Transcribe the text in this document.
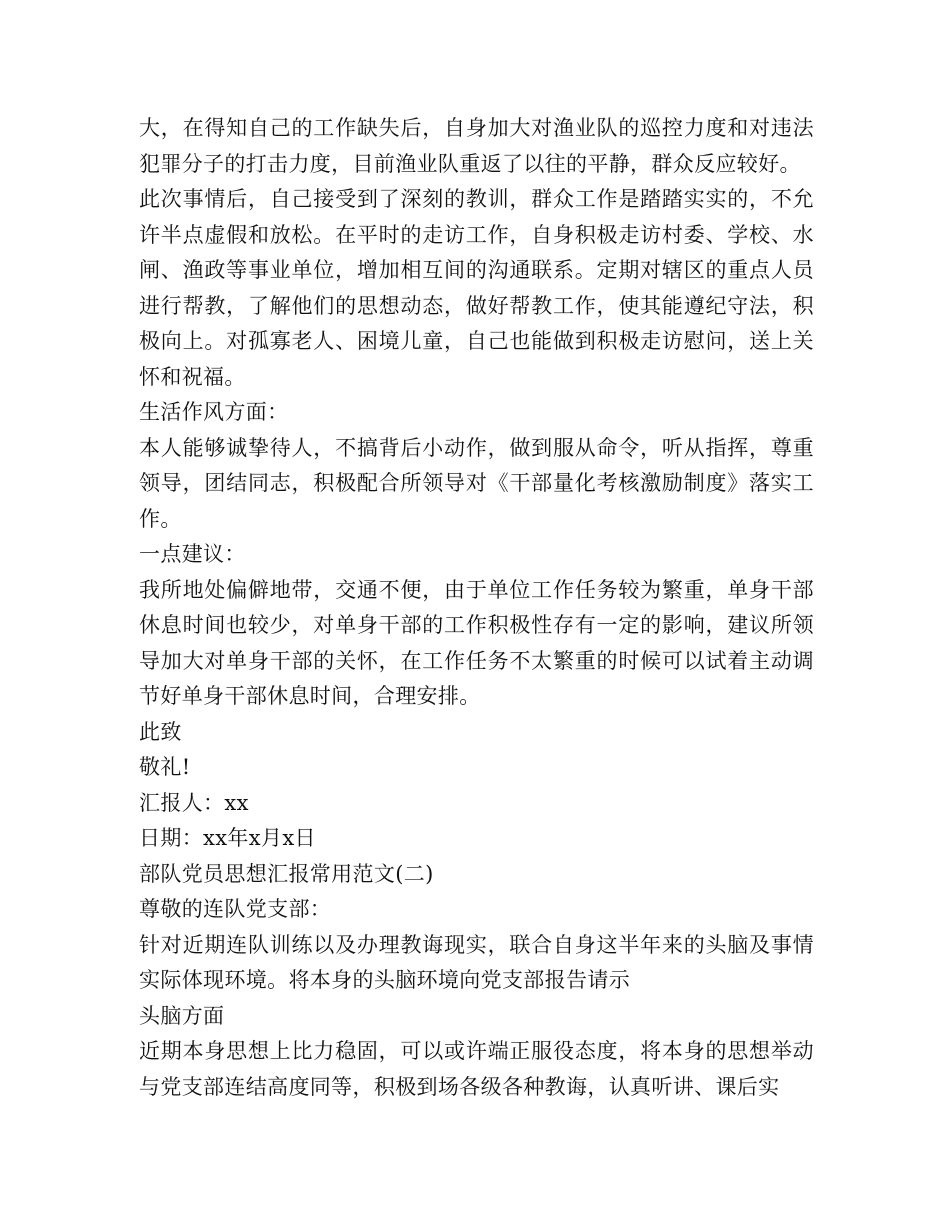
大，在得知自己的工作缺失后，自身加大对渔业队的巡控力度和对违法犯罪分子的打击力度，目前渔业队重返了以往的平静，群众反应较好。

此次事情后，自己接受到了深刻的教训，群众工作是踏踏实实的，不允许半点虚假和放松。在平时的走访工作，自身积极走访村委、学校、水闸、渔政等事业单位，增加相互间的沟通联系。定期对辖区的重点人员进行帮教，了解他们的思想动态，做好帮教工作，使其能遵纪守法，积极向上。对孤寡老人、困境儿童，自己也能做到积极走访慰问，送上关怀和祝福。

生活作风方面：

本人能够诚挚待人，不搞背后小动作，做到服从命令，听从指挥，尊重领导，团结同志，积极配合所领导对《干部量化考核激励制度》落实工作。

一点建议：

我所地处偏僻地带，交通不便，由于单位工作任务较为繁重，单身干部休息时间也较少，对单身干部的工作积极性存有一定的影响，建议所领导加大对单身干部的关怀，在工作任务不太繁重的时候可以试着主动调节好单身干部休息时间，合理安排。

此致

敬礼!

汇报人：xx

日期：xx年x月x日

部队党员思想汇报常用范文(二)

尊敬的连队党支部：

针对近期连队训练以及办理教诲现实，联合自身这半年来的头脑及事情实际体现环境。将本身的头脑环境向党支部报告请示

头脑方面

近期本身思想上比力稳固，可以或许端正服役态度，将本身的思想举动与党支部连结高度同等，积极到场各级各种教诲，认真听讲、课后实
